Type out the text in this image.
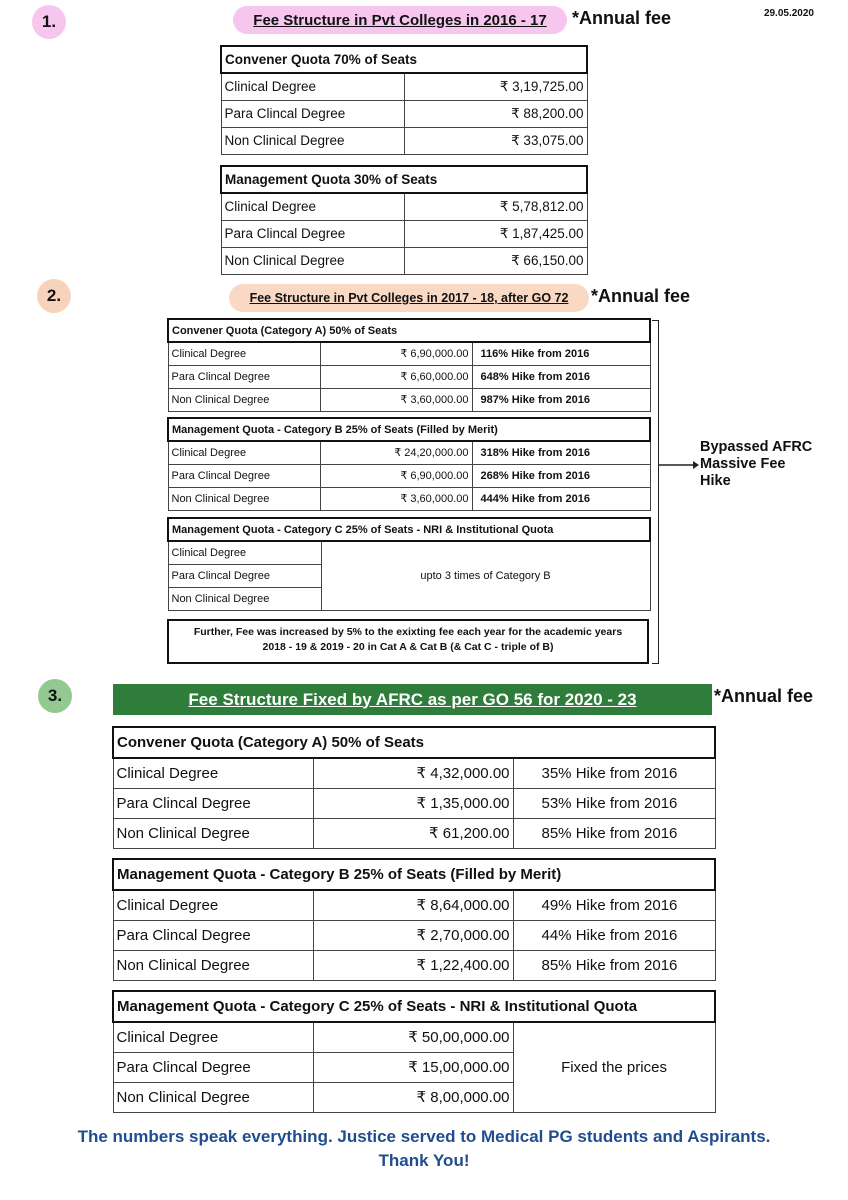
29.05.2020
1.	Fee Structure in Pvt Colleges in 2016 - 17	*Annual fee
Convener Quota 70% of Seats	
Clinical Degree	₹ 3,19,725.00
Para Clincal Degree	₹ 88,200.00
Non Clinical Degree	₹ 33,075.00
Management Quota 30% of Seats	
Clinical Degree	₹ 5,78,812.00
Para Clincal Degree	₹ 1,87,425.00
Non Clinical Degree	₹ 66,150.00
2.	Fee Structure in Pvt Colleges in 2017 - 18, after GO 72	*Annual fee
Convener Quota (Category A) 50% of Seats		
Clinical Degree	₹ 6,90,000.00	116% Hike from 2016
Para Clincal Degree	₹ 6,60,000.00	648% Hike from 2016
Non Clinical Degree	₹ 3,60,000.00	987% Hike from 2016
Management Quota - Category B 25% of Seats (Filled by Merit)		
Clinical Degree	₹ 24,20,000.00	318% Hike from 2016
Para Clincal Degree	₹ 6,90,000.00	268% Hike from 2016
Non Clinical Degree	₹ 3,60,000.00	444% Hike from 2016
Management Quota - Category C 25% of Seats - NRI & Institutional Quota
Clinical Degree	upto 3 times of Category B
Para Clincal Degree
Non Clinical Degree
Further, Fee was increased by 5% to the exixting fee each year for the academic years
2018 - 19 & 2019 - 20 in Cat A & Cat B (& Cat C - triple of B)
Bypassed AFRC
Massive Fee
Hike
3.	Fee Structure Fixed by AFRC as per GO 56 for 2020 - 23	*Annual fee
Convener Quota (Category A) 50% of Seats		
Clinical Degree	₹ 4,32,000.00	35% Hike from 2016
Para Clincal Degree	₹ 1,35,000.00	53% Hike from 2016
Non Clinical Degree	₹ 61,200.00	85% Hike from 2016
Management Quota - Category B 25% of Seats (Filled by Merit)		
Clinical Degree	₹ 8,64,000.00	49% Hike from 2016
Para Clincal Degree	₹ 2,70,000.00	44% Hike from 2016
Non Clinical Degree	₹ 1,22,400.00	85% Hike from 2016
Management Quota - Category C 25% of Seats - NRI & Institutional Quota		
Clinical Degree	₹ 50,00,000.00	Fixed the prices
Para Clincal Degree	₹ 15,00,000.00	
Non Clinical Degree	₹ 8,00,000.00	
The numbers speak everything. Justice served to Medical PG students and Aspirants.
Thank You!
